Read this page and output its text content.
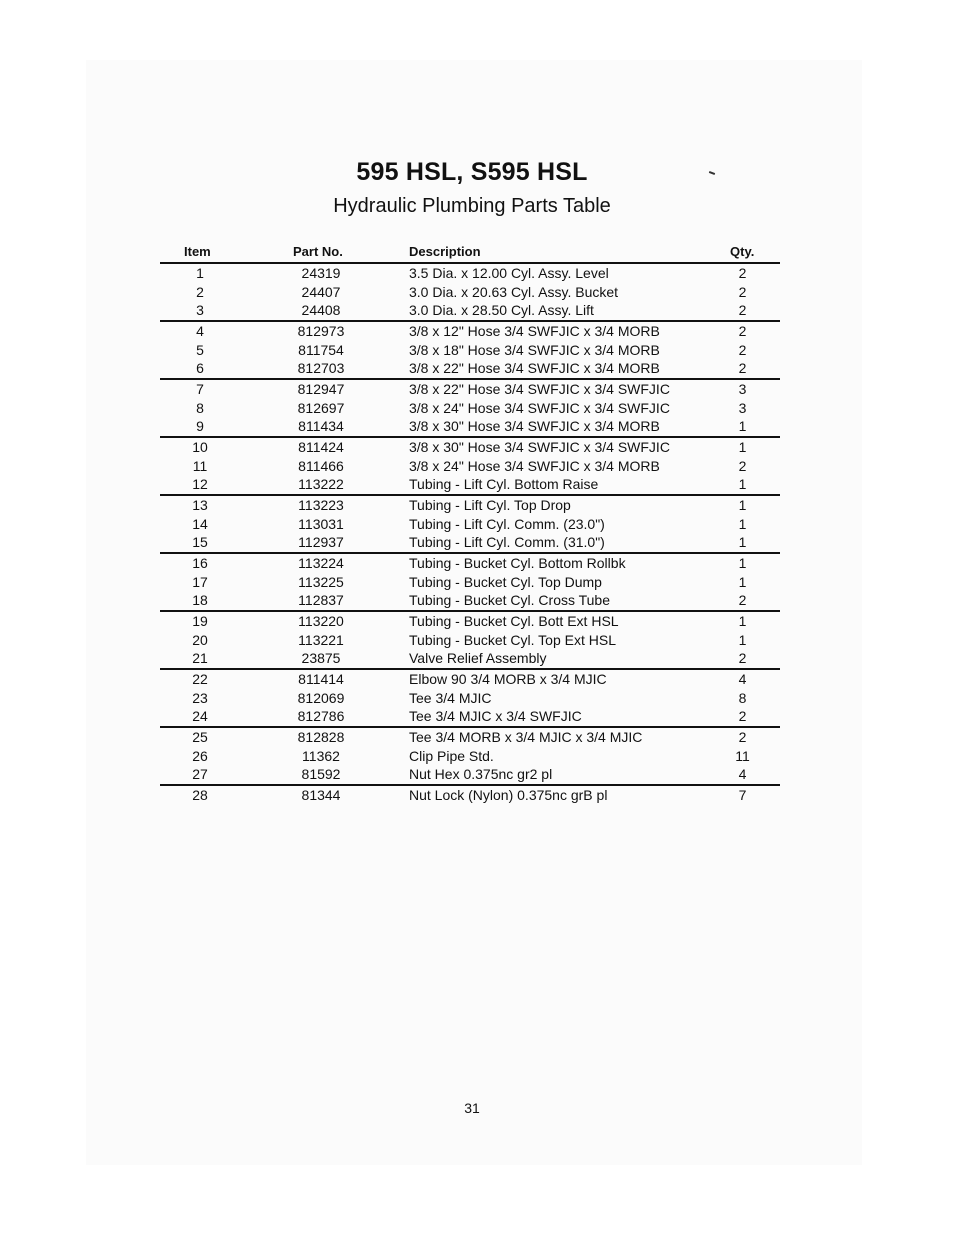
595 HSL, S595 HSL
Hydraulic Plumbing Parts Table
Item	Part No.	Description	Qty.
1	24319	3.5 Dia. x 12.00 Cyl. Assy. Level	2
2	24407	3.0 Dia. x 20.63 Cyl. Assy. Bucket	2
3	24408	3.0 Dia. x 28.50 Cyl. Assy. Lift	2
4	812973	3/8 x 12" Hose 3/4 SWFJIC x 3/4 MORB	2
5	811754	3/8 x 18" Hose 3/4 SWFJIC x 3/4 MORB	2
6	812703	3/8 x 22" Hose 3/4 SWFJIC x 3/4 MORB	2
7	812947	3/8 x 22" Hose 3/4 SWFJIC x 3/4 SWFJIC	3
8	812697	3/8 x 24" Hose 3/4 SWFJIC x 3/4 SWFJIC	3
9	811434	3/8 x 30" Hose 3/4 SWFJIC x 3/4 MORB	1
10	811424	3/8 x 30" Hose 3/4 SWFJIC x 3/4 SWFJIC	1
11	811466	3/8 x 24" Hose 3/4 SWFJIC x 3/4 MORB	2
12	113222	Tubing - Lift Cyl. Bottom Raise	1
13	113223	Tubing - Lift Cyl. Top Drop	1
14	113031	Tubing - Lift Cyl. Comm. (23.0")	1
15	112937	Tubing - Lift Cyl. Comm. (31.0")	1
16	113224	Tubing - Bucket Cyl. Bottom Rollbk	1
17	113225	Tubing - Bucket Cyl. Top Dump	1
18	112837	Tubing - Bucket Cyl. Cross Tube	2
19	113220	Tubing - Bucket Cyl. Bott Ext HSL	1
20	113221	Tubing - Bucket Cyl. Top Ext HSL	1
21	23875	Valve Relief Assembly	2
22	811414	Elbow 90 3/4 MORB x 3/4 MJIC	4
23	812069	Tee 3/4 MJIC	8
24	812786	Tee 3/4 MJIC x 3/4 SWFJIC	2
25	812828	Tee 3/4 MORB x 3/4 MJIC x 3/4 MJIC	2
26	11362	Clip Pipe Std.	11
27	81592	Nut Hex 0.375nc gr2 pl	4
28	81344	Nut Lock (Nylon) 0.375nc grB pl	7
31
